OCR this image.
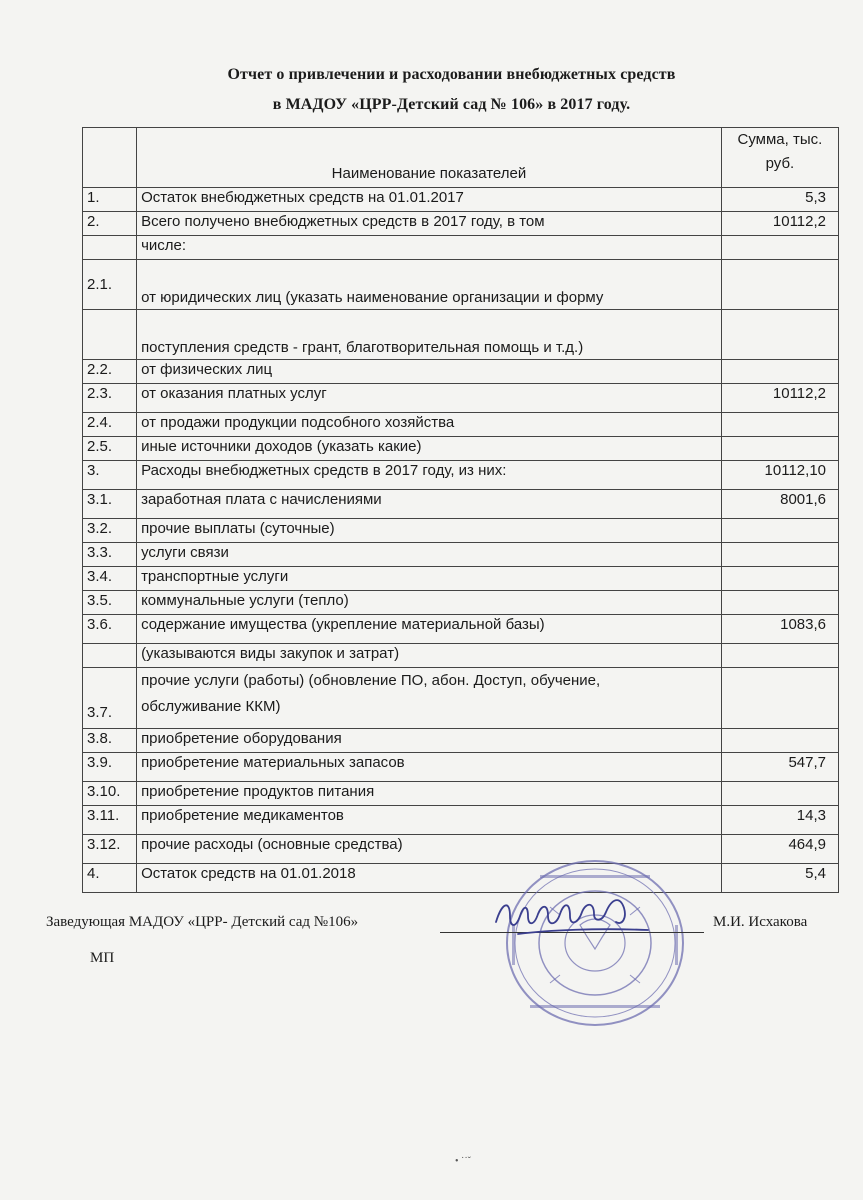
Отчет о привлечении и расходовании внебюджетных средств
в МАДОУ «ЦРР-Детский сад № 106» в 2017 году.
	Наименование показателей	Сумма, тыс.
руб.
1.	Остаток внебюджетных средств на 01.01.2017	5,3
2.	Всего получено внебюджетных средств в 2017 году, в том	10112,2
	числе:	
2.1.	от юридических лиц (указать наименование организации и форму	
	поступления средств - грант, благотворительная помощь и т.д.)	
2.2.	от физических лиц	
2.3.	от оказания платных услуг	10112,2
2.4.	от продажи продукции подсобного хозяйства	
2.5.	иные источники доходов (указать какие)	
3.	Расходы внебюджетных средств в 2017 году, из них:	10112,10
3.1.	заработная плата с начислениями	8001,6
3.2.	прочие выплаты (суточные)	
3.3.	услуги связи	
3.4.	транспортные услуги	
3.5.	коммунальные услуги (тепло)	
3.6.	содержание имущества (укрепление материальной базы)	1083,6
	(указываются виды закупок и затрат)	
3.7.	прочие услуги (работы) (обновление ПО, абон. Доступ, обучение,
обслуживание ККМ)	
3.8.	приобретение оборудования	
3.9.	приобретение материальных запасов	547,7
3.10.	приобретение продуктов питания	
3.11.	приобретение медикаментов	14,3
3.12.	прочие расходы (основные средства)	464,9
4.	Остаток средств на 01.01.2018	5,4
Заведующая МАДОУ «ЦРР- Детский сад №106»	М.И. Исхакова
МП
• ˙˙ˇ
